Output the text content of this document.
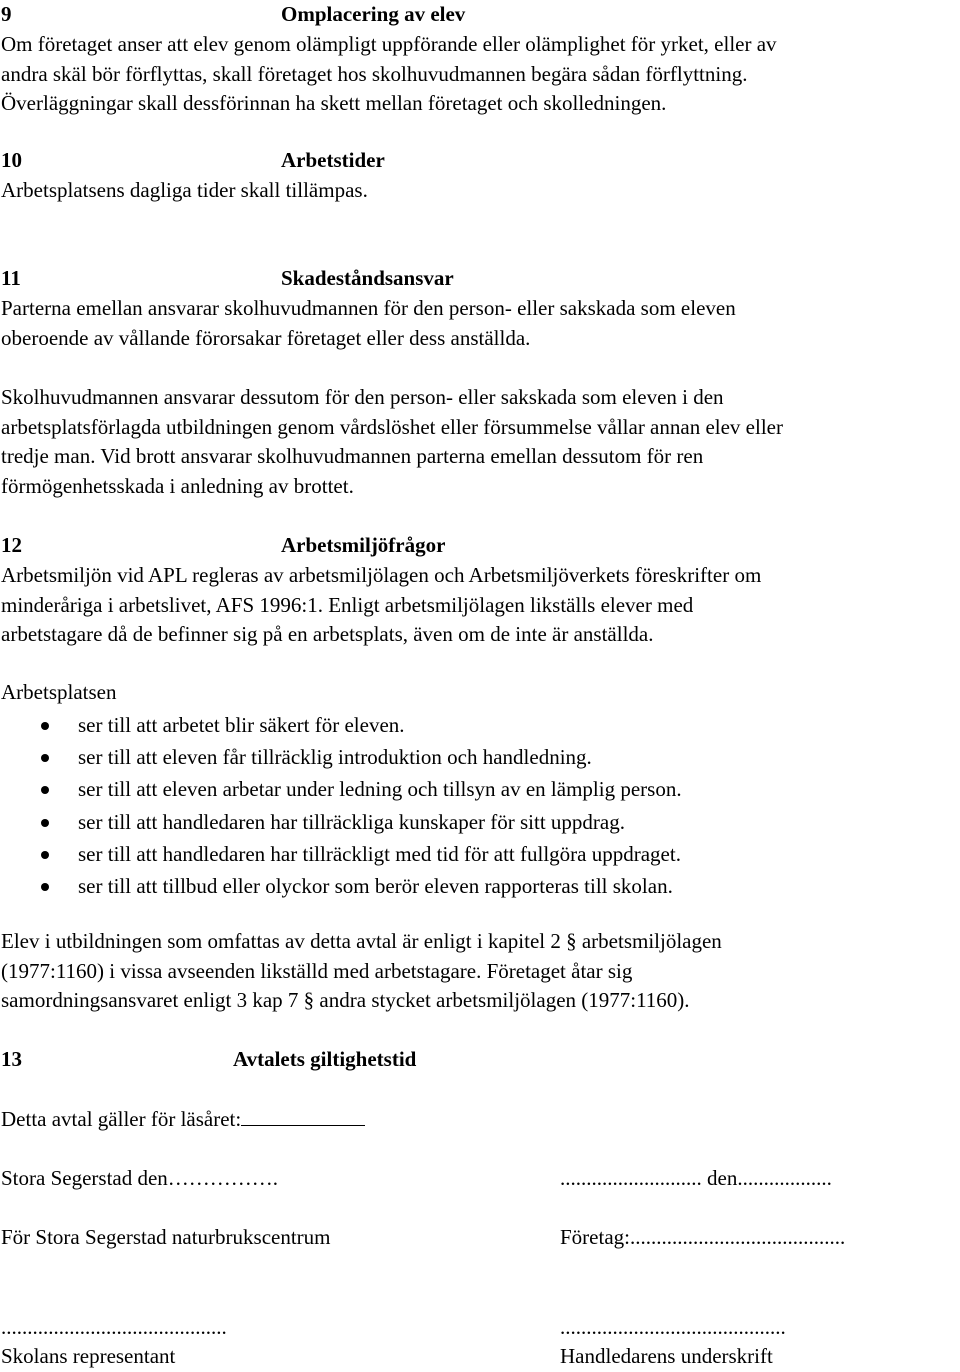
9	Omplacering av elev

Om företaget anser att elev genom olämpligt uppförande eller olämplighet för yrket, eller av

andra skäl bör förflyttas, skall företaget hos skolhuvudmannen begära sådan förflyttning.

Överläggningar skall dessförinnan ha skett mellan företaget och skolledningen.

10	Arbetstider

Arbetsplatsens dagliga tider skall tillämpas.

11	Skadeståndsansvar

Parterna emellan ansvarar skolhuvudmannen för den person- eller sakskada som eleven

oberoende av vållande förorsakar företaget eller dess anställda.

Skolhuvudmannen ansvarar dessutom för den person- eller sakskada som eleven i den

arbetsplatsförlagda utbildningen genom vårdslöshet eller försummelse vållar annan elev eller

tredje man. Vid brott ansvarar skolhuvudmannen parterna emellan dessutom för ren

förmögenhetsskada i anledning av brottet.

12	Arbetsmiljöfrågor

Arbetsmiljön vid APL regleras av arbetsmiljölagen och Arbetsmiljöverkets föreskrifter om

minderåriga i arbetslivet, AFS 1996:1. Enligt arbetsmiljölagen likställs elever med

arbetstagare då de befinner sig på en arbetsplats, även om de inte är anställda.

Arbetsplatsen

ser till att arbetet blir säkert för eleven.
ser till att eleven får tillräcklig introduktion och handledning.
ser till att eleven arbetar under ledning och tillsyn av en lämplig person.
ser till att handledaren har tillräckliga kunskaper för sitt uppdrag.
ser till att handledaren har tillräckligt med tid för att fullgöra uppdraget.
ser till att tillbud eller olyckor som berör eleven rapporteras till skolan.

Elev i utbildningen som omfattas av detta avtal är enligt i kapitel 2 § arbetsmiljölagen

(1977:1160) i vissa avseenden likställd med arbetstagare. Företaget åtar sig

samordningsansvaret enligt 3 kap 7 § andra stycket arbetsmiljölagen (1977:1160).

13	Avtalets giltighetstid
Detta avtal gäller för läsåret:
Stora Segerstad den…………….	........................... den..................
För Stora Segerstad naturbrukscentrum	Företag:.........................................
...........................................	...........................................
Skolans representant	Handledarens underskrift
